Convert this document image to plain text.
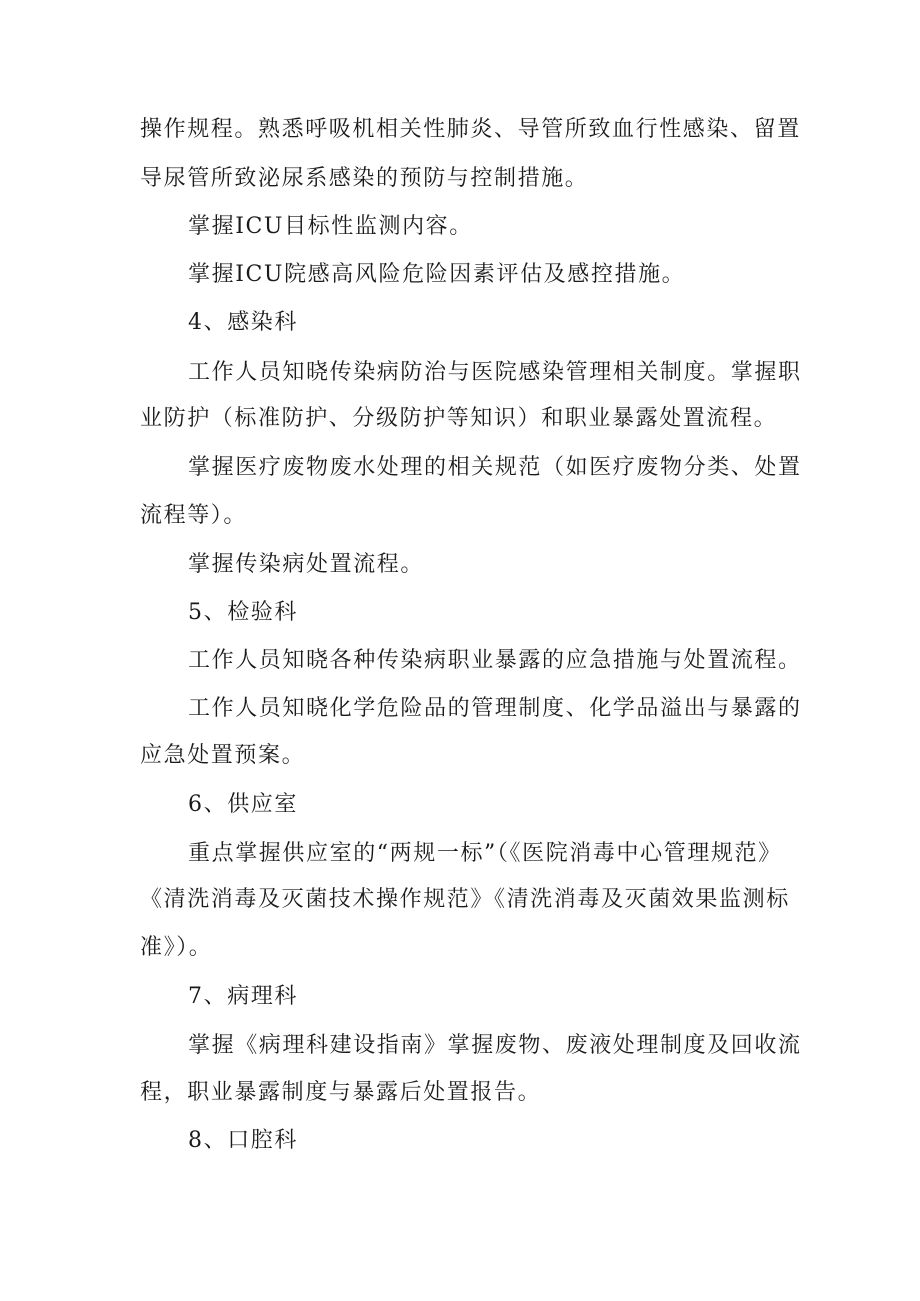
操作规程。熟悉呼吸机相关性肺炎、导管所致血行性感染、留置
导尿管所致泌尿系感染的预防与控制措施。
掌握ICU目标性监测内容。
掌握ICU院感高风险危险因素评估及感控措施。
4、感染科
工作人员知晓传染病防治与医院感染管理相关制度。掌握职
业防护（标准防护、分级防护等知识）和职业暴露处置流程。
掌握医疗废物废水处理的相关规范（如医疗废物分类、处置
流程等）。
掌握传染病处置流程。
5、检验科
工作人员知晓各种传染病职业暴露的应急措施与处置流程。
工作人员知晓化学危险品的管理制度、化学品溢出与暴露的
应急处置预案。
6、供应室
重点掌握供应室的“两规一标”（《医院消毒中心管理规范》
《清洗消毒及灭菌技术操作规范》《清洗消毒及灭菌效果监测标
准》）。
7、病理科
掌握《病理科建设指南》掌握废物、废液处理制度及回收流
程，职业暴露制度与暴露后处置报告。
8、口腔科
